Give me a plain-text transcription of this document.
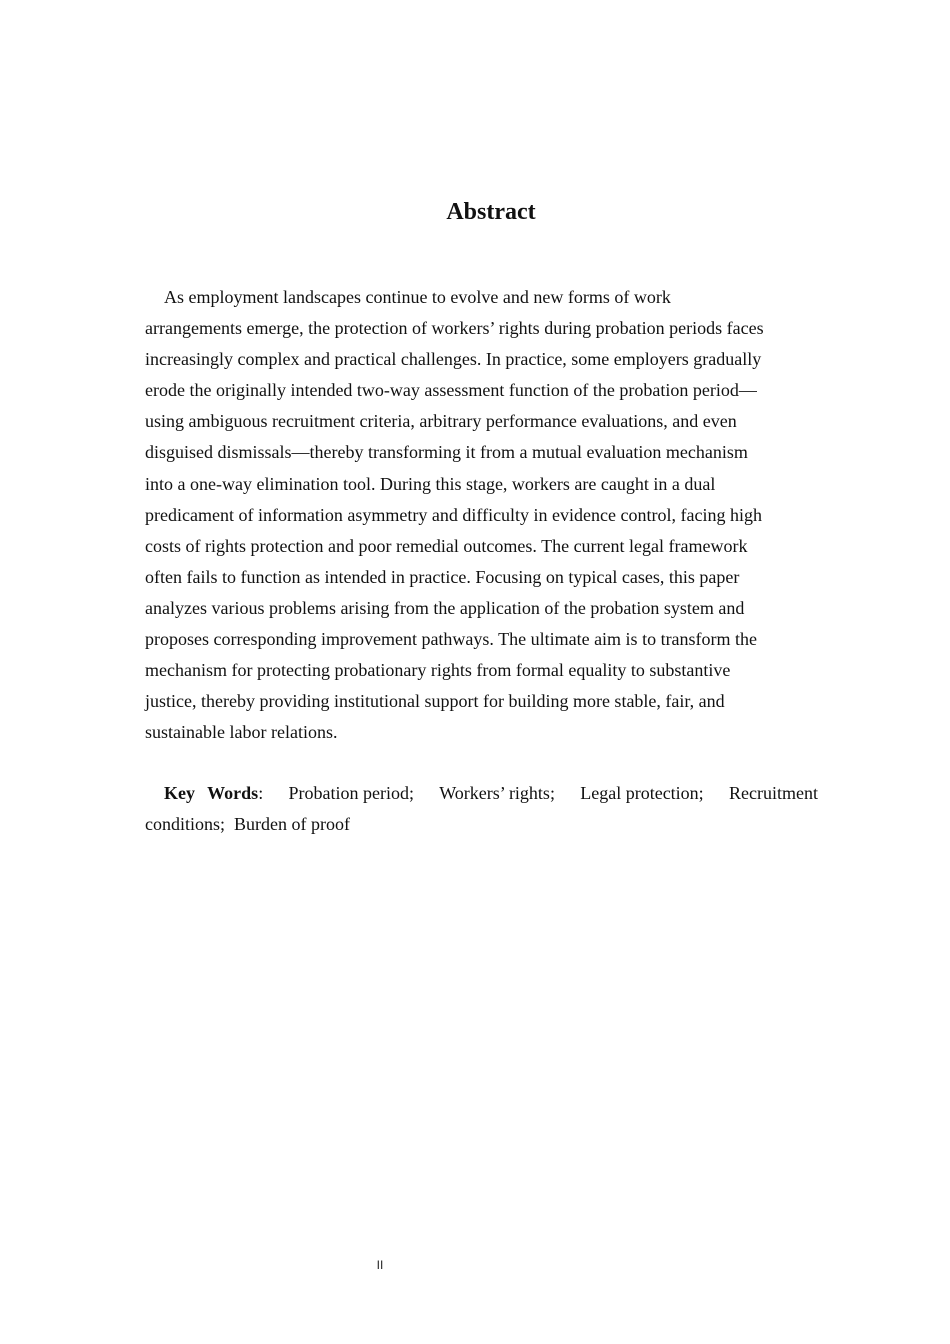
Abstract
As employment landscapes continue to evolve and new forms of work
arrangements emerge, the protection of workers’ rights during probation periods faces
increasingly complex and practical challenges. In practice, some employers gradually
erode the originally intended two-way assessment function of the probation period—
using ambiguous recruitment criteria, arbitrary performance evaluations, and even
disguised dismissals—thereby transforming it from a mutual evaluation mechanism
into a one-way elimination tool. During this stage, workers are caught in a dual
predicament of information asymmetry and difficulty in evidence control, facing high
costs of rights protection and poor remedial outcomes. The current legal framework
often fails to function as intended in practice. Focusing on typical cases, this paper
analyzes various problems arising from the application of the probation system and
proposes corresponding improvement pathways. The ultimate aim is to transform the
mechanism for protecting probationary rights from formal equality to substantive
justice, thereby providing institutional support for building more stable, fair, and
sustainable labor relations.
Key Words: Probation period; Workers’ rights; Legal protection; Recruitment
conditions; Burden of proof
II
